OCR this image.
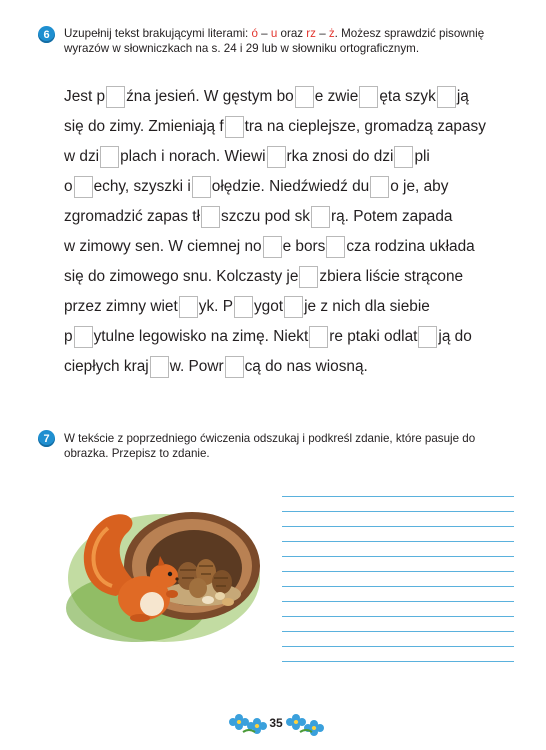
6 Uzupełnij tekst brakującymi literami: ó – u oraz rz – ż. Możesz sprawdzić pisownię
wyrazów w słowniczkach na s. 24 i 29 lub w słowniku ortograficznym.
Jest p źna jesień. W gęstym bo e zwie ęta szyk ją
się do zimy. Zmieniają f tra na cieplejsze, gromadzą zapasy
w dzi plach i norach. Wiewi rka znosi do dzi pli
o echy, szyszki i ołędzie. Niedźwiedź du o je, aby
zgromadzić zapas tł szczu pod sk rą. Potem zapada
w zimowy sen. W ciemnej no e bors cza rodzina układa
się do zimowego snu. Kolczasty je zbiera liście strącone
przez zimny wiet yk. P ygot je z nich dla siebie
p ytulne legowisko na zimę. Niekt re ptaki odlat ją do
ciepłych kraj w. Powr cą do nas wiosną.
7 W tekście z poprzedniego ćwiczenia odszukaj i podkreśl zdanie, które pasuje do
obrazka. Przepisz to zdanie.
35
